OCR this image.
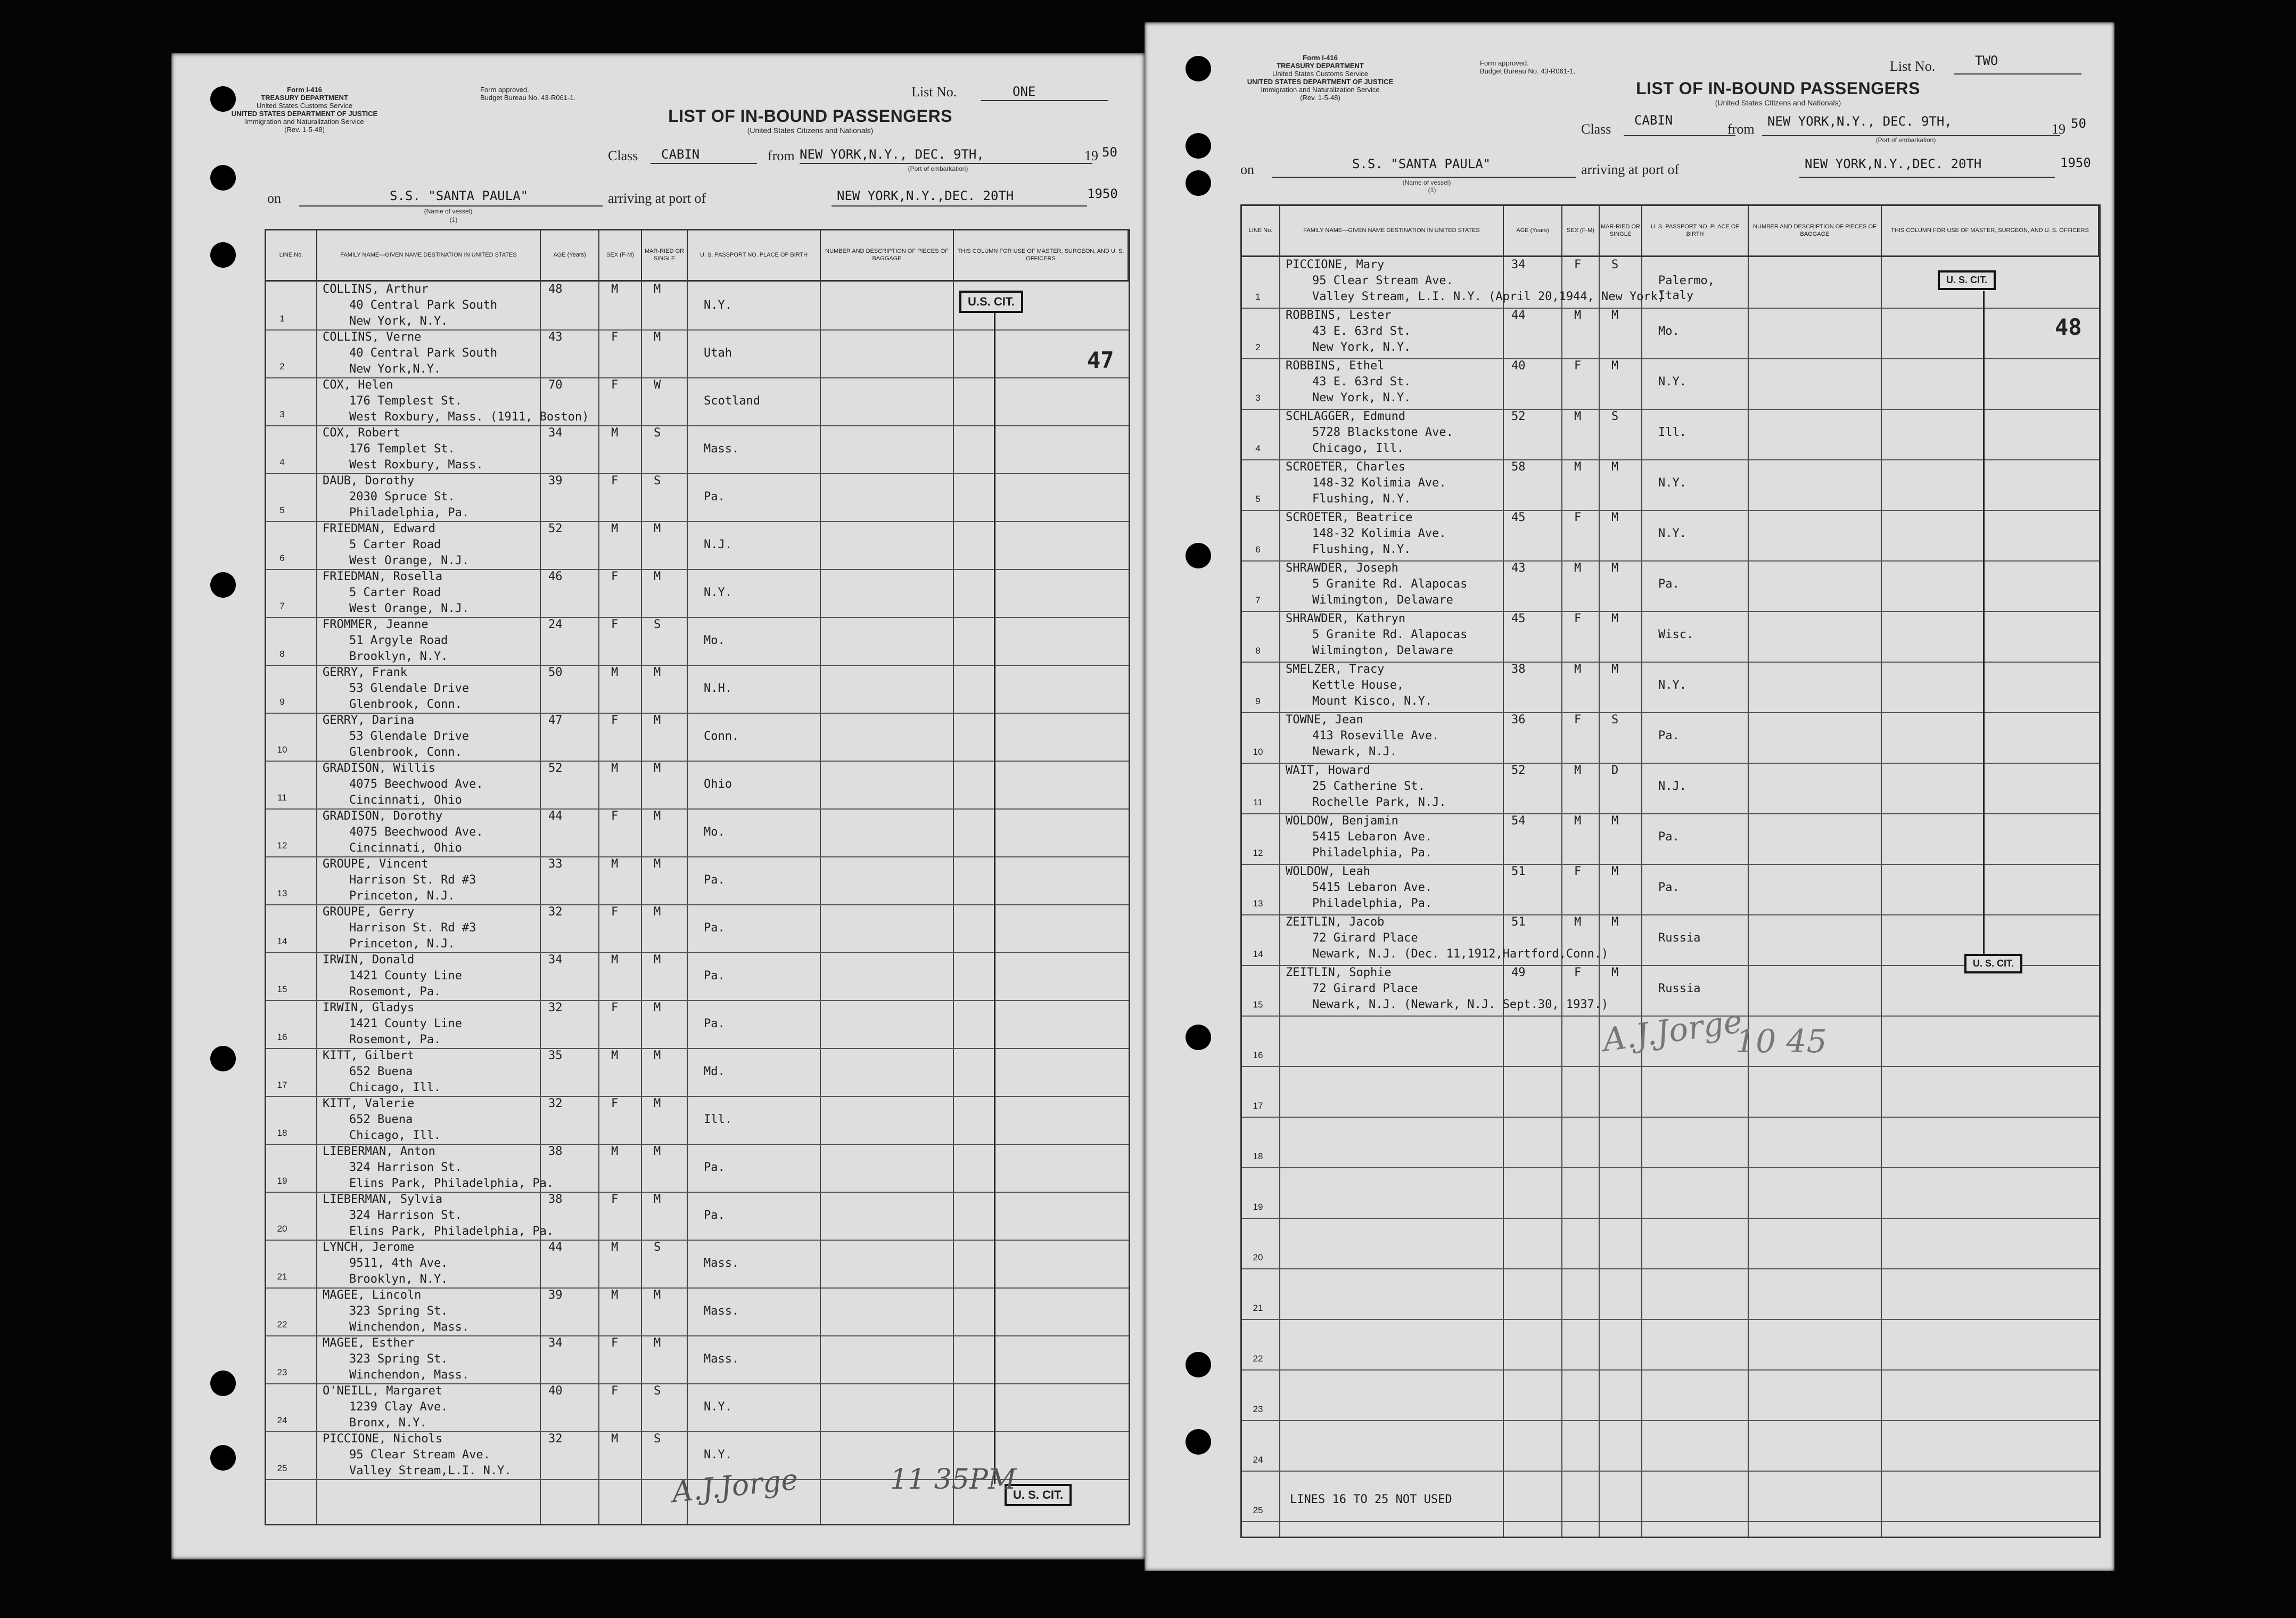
Form I-416
TREASURY DEPARTMENT
United States Customs Service

UNITED STATES DEPARTMENT OF JUSTICE
Immigration and Naturalization Service
(Rev. 1-5-48)
Form approved.
Budget Bureau No. 43-R061-1.	List No.	ONE
LIST OF IN-BOUND PASSENGERS
(United States Citizens and Nationals)
Class CABIN	from NEW YORK,N.Y., DEC. 9TH,	19 50
(Port of embarkation)
on	S.S. "SANTA PAULA"
(Name of vessel)
(1)
arriving at port of	NEW YORK,N.Y.,DEC. 20TH	1950
LINE No.	FAMILY NAME—GIVEN NAME DESTINATION IN UNITED STATES	AGE (Years)	SEX (F-M)
MAR-RIED OR SINGLE
U. S. PASSPORT NO. PLACE OF BIRTH
NUMBER AND DESCRIPTION OF PIECES OF BAGGAGE
THIS COLUMN FOR USE OF MASTER, SURGEON, AND U. S. OFFICERS
1
COLLINS, Arthur
40 Central Park South
New York, N.Y.
48	M	M
N.Y.
2
COLLINS, Verne
40 Central Park South
New York,N.Y.
43	F	M
Utah
3
COX, Helen
176 Templest St.
West Roxbury, Mass. (1911, Boston)
70	F	W
Scotland
4
COX, Robert
176 Templet St.
West Roxbury, Mass.
34	M	S
Mass.
5
DAUB, Dorothy
2030 Spruce St.
Philadelphia, Pa.
39	F	S
Pa.
6
FRIEDMAN, Edward
5 Carter Road
West Orange, N.J.
52	M	M
N.J.
7
FRIEDMAN, Rosella
5 Carter Road
West Orange, N.J.
46	F	M
N.Y.
8
FROMMER, Jeanne
51 Argyle Road
Brooklyn, N.Y.
24	F	S
Mo.
9
GERRY, Frank
53 Glendale Drive
Glenbrook, Conn.
50	M	M
N.H.
10
GERRY, Darina
53 Glendale Drive
Glenbrook, Conn.
47	F	M
Conn.
11
GRADISON, Willis
4075 Beechwood Ave.
Cincinnati, Ohio
52	M	M
Ohio
12
GRADISON, Dorothy
4075 Beechwood Ave.
Cincinnati, Ohio
44	F	M
Mo.
13
GROUPE, Vincent
Harrison St. Rd #3
Princeton, N.J.
33	M	M
Pa.
14
GROUPE, Gerry
Harrison St. Rd #3
Princeton, N.J.
32	F	M
Pa.
15
IRWIN, Donald
1421 County Line
Rosemont, Pa.
34	M	M
Pa.
16
IRWIN, Gladys
1421 County Line
Rosemont, Pa.
32	F	M
Pa.
17
KITT, Gilbert
652 Buena
Chicago, Ill.
35	M	M
Md.
18
KITT, Valerie
652 Buena
Chicago, Ill.
32	F	M
Ill.
19
LIEBERMAN, Anton
324 Harrison St.
Elins Park, Philadelphia, Pa.
38	M	M
Pa.
20
LIEBERMAN, Sylvia
324 Harrison St.
Elins Park, Philadelphia, Pa.
38	F	M
Pa.
21
LYNCH, Jerome
9511, 4th Ave.
Brooklyn, N.Y.
44	M	S
Mass.
22
MAGEE, Lincoln
323 Spring St.
Winchendon, Mass.
39	M	M
Mass.
23
MAGEE, Esther
323 Spring St.
Winchendon, Mass.
34	F	M
Mass.
24
O'NEILL, Margaret
1239 Clay Ave.
Bronx, N.Y.
40	F	S
N.Y.
25
PICCIONE, Nichols
95 Clear Stream Ave.
Valley Stream,L.I. N.Y.
32	M	S
N.Y.
U.S. CIT.
U. S. CIT.
47
A.J.Jorge	11 35PM
Form I-416
TREASURY DEPARTMENT
United States Customs Service

UNITED STATES DEPARTMENT OF JUSTICE
Immigration and Naturalization Service
(Rev. 1-5-48)
Form approved.
Budget Bureau No. 43-R061-1.	List No.	TWO
LIST OF IN-BOUND PASSENGERS
(United States Citizens and Nationals)
Class
CABIN
from NEW YORK,N.Y., DEC. 9TH,	19 50
(Port of embarkation)
on	S.S. "SANTA PAULA"
(Name of vessel)
(1)
arriving at port of	NEW YORK,N.Y.,DEC. 20TH	1950
LINE No.	FAMILY NAME—GIVEN NAME DESTINATION IN UNITED STATES	AGE (Years)	SEX (F-M)
MAR-RIED OR SINGLE
U. S. PASSPORT NO. PLACE OF BIRTH
NUMBER AND DESCRIPTION OF PIECES OF BAGGAGE
THIS COLUMN FOR USE OF MASTER, SURGEON, AND U. S. OFFICERS
1
PICCIONE, Mary
95 Clear Stream Ave.
Valley Stream, L.I. N.Y. (April 20,1944, New York)
34	F	S
Palermo,
Italy
2
ROBBINS, Lester
43 E. 63rd St.
New York, N.Y.
44	M	M
Mo.
3
ROBBINS, Ethel
43 E. 63rd St.
New York, N.Y.
40	F	M
N.Y.
4
SCHLAGGER, Edmund
5728 Blackstone Ave.
Chicago, Ill.
52	M	S
Ill.
5
SCROETER, Charles
148-32 Kolimia Ave.
Flushing, N.Y.
58	M	M
N.Y.
6
SCROETER, Beatrice
148-32 Kolimia Ave.
Flushing, N.Y.
45	F	M
N.Y.
7
SHRAWDER, Joseph
5 Granite Rd. Alapocas
Wilmington, Delaware
43	M	M
Pa.
8
SHRAWDER, Kathryn
5 Granite Rd. Alapocas
Wilmington, Delaware
45	F	M
Wisc.
9
SMELZER, Tracy
Kettle House,
Mount Kisco, N.Y.
38	M	M
N.Y.
10
TOWNE, Jean
413 Roseville Ave.
Newark, N.J.
36	F	S
Pa.
11
WAIT, Howard
25 Catherine St.
Rochelle Park, N.J.
52	M	D
N.J.
12
WOLDOW, Benjamin
5415 Lebaron Ave.
Philadelphia, Pa.
54	M	M
Pa.
13
WOLDOW, Leah
5415 Lebaron Ave.
Philadelphia, Pa.
51	F	M
Pa.
14
ZEITLIN, Jacob
72 Girard Place
Newark, N.J. (Dec. 11,1912,Hartford,Conn.)
51	M	M
Russia
15
ZEITLIN, Sophie
72 Girard Place
Newark, N.J. (Newark, N.J. Sept.30, 1937.)
49	F	M
Russia
16
17
18
19
20
21
22
23
24
25
LINES 16 TO 25 NOT USED
U. S. CIT.
U. S. CIT.
48
A.J.Jorge
10 45
